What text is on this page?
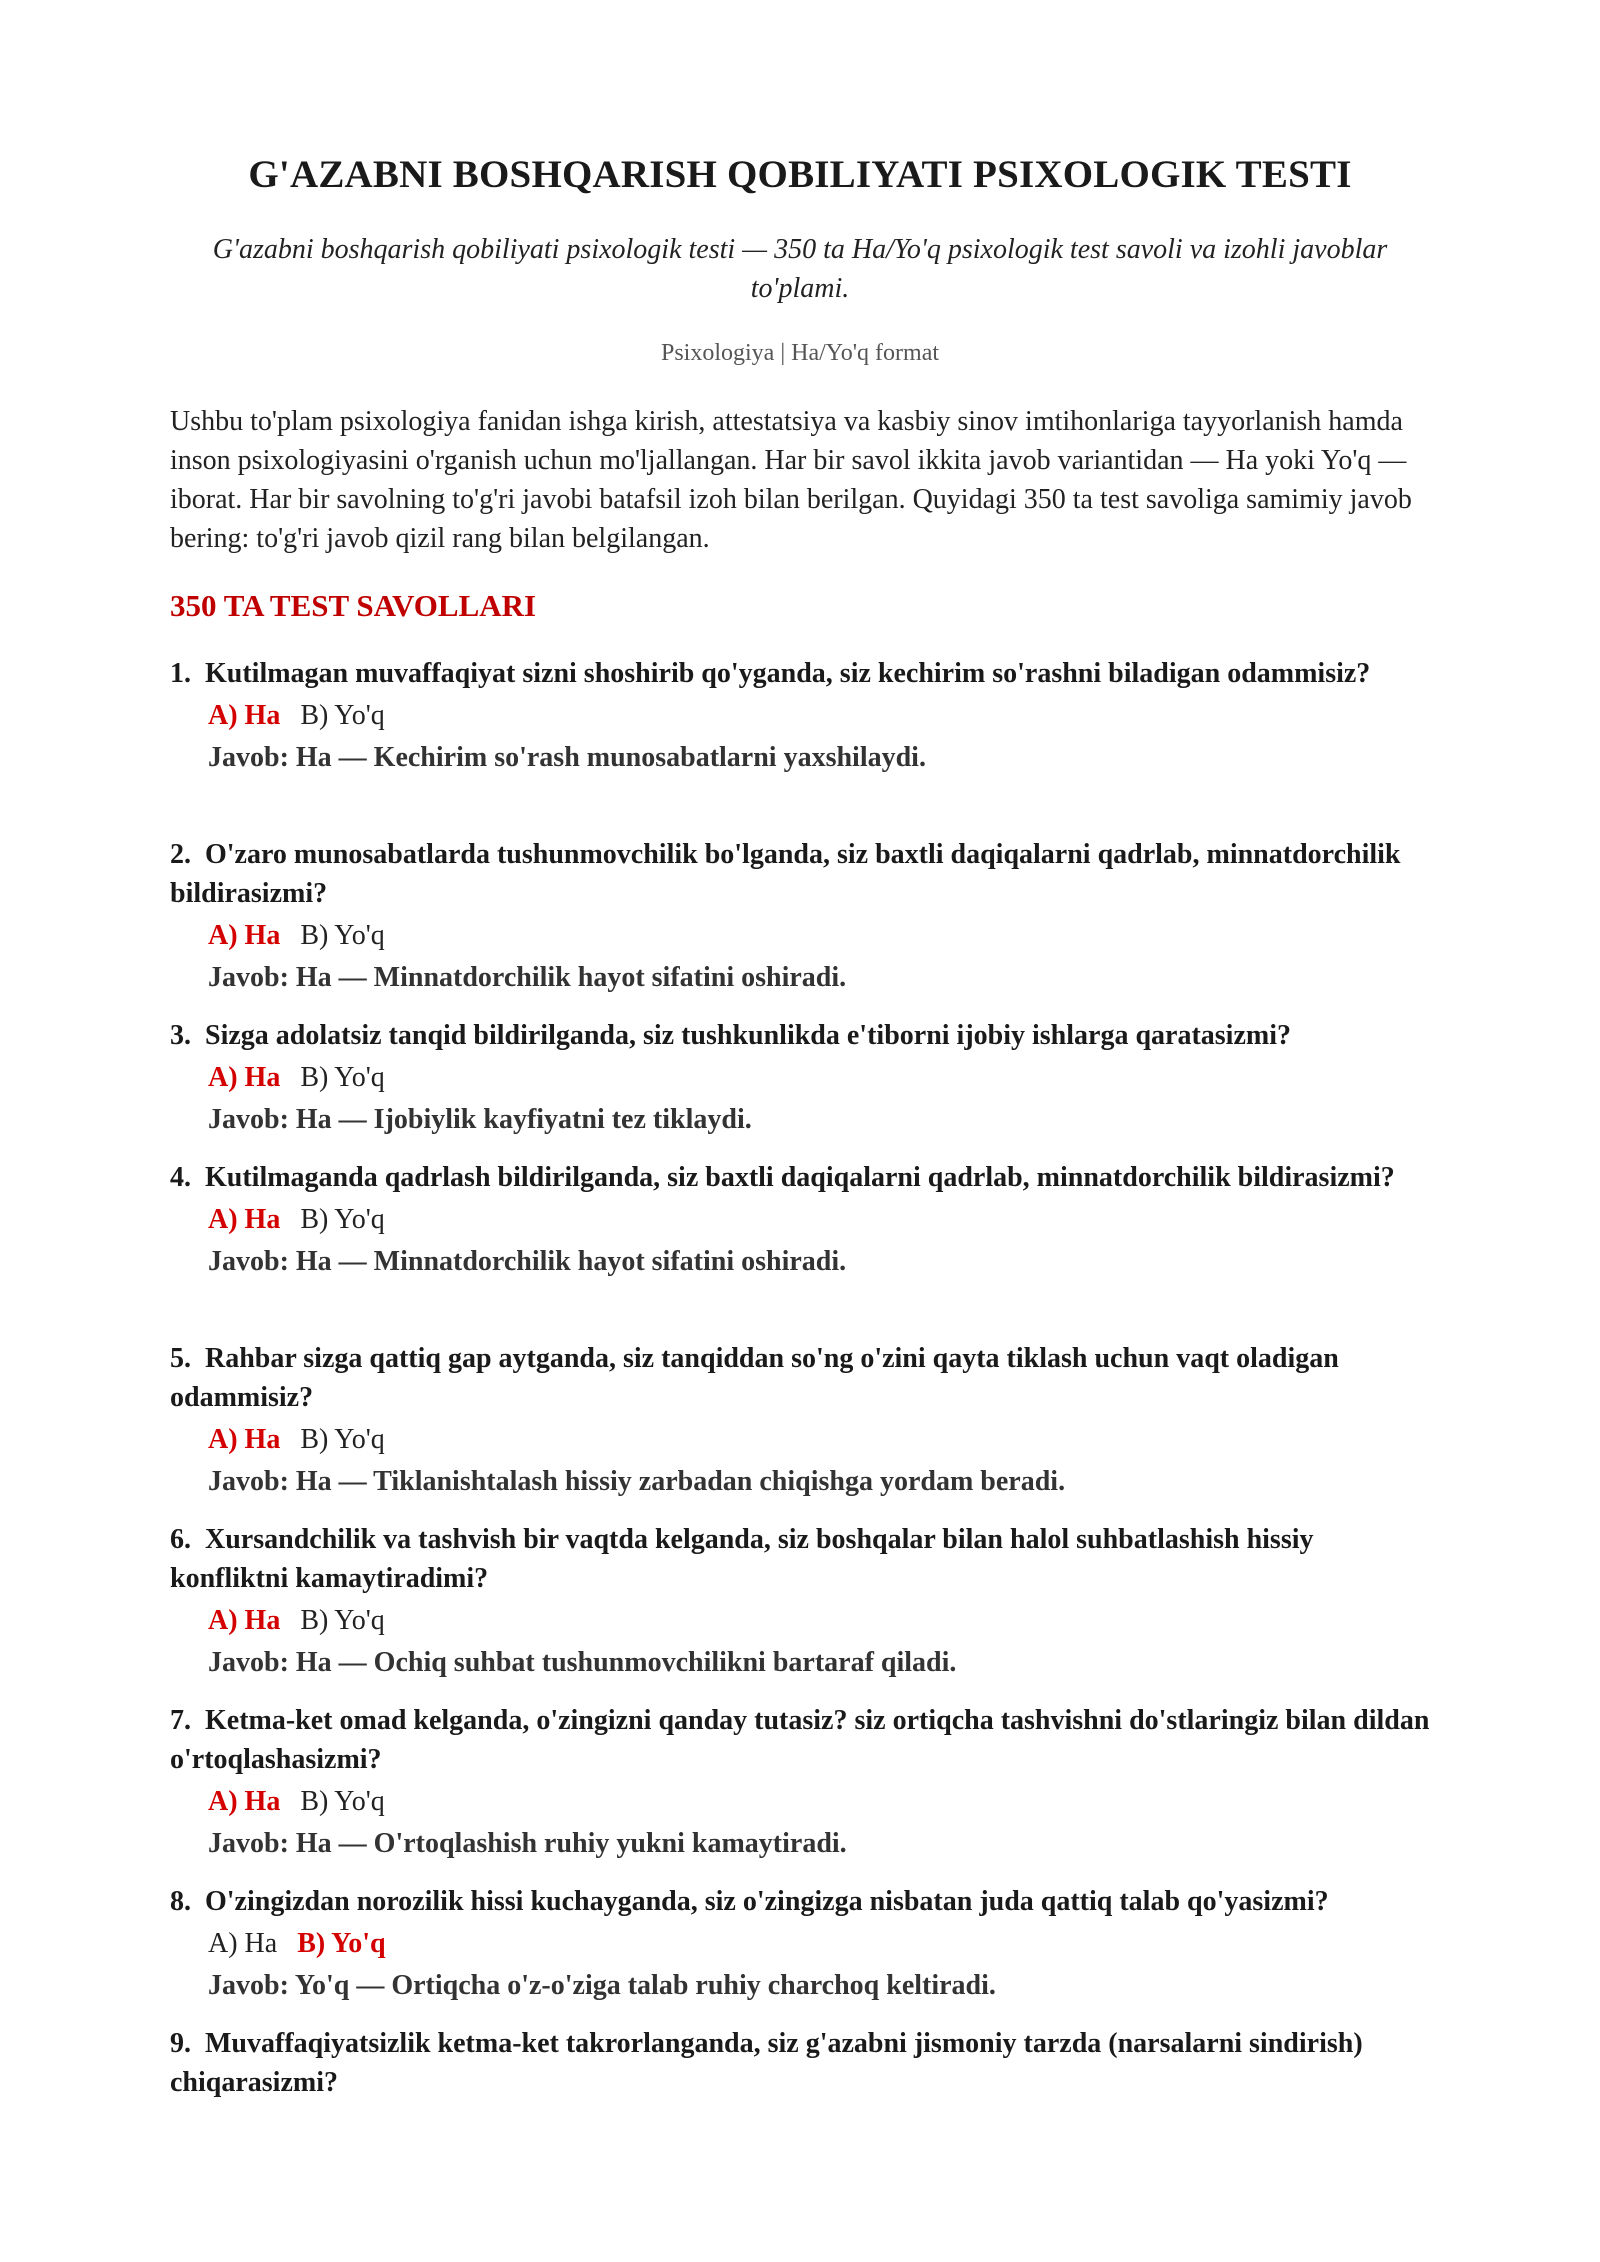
G'AZABNI BOSHQARISH QOBILIYATI PSIXOLOGIK TESTI
G'azabni boshqarish qobiliyati psixologik testi — 350 ta Ha/Yo'q psixologik test savoli va izohli javoblar to'plami.
Psixologiya | Ha/Yo'q format
Ushbu to'plam psixologiya fanidan ishga kirish, attestatsiya va kasbiy sinov imtihonlariga tayyorlanish hamda inson psixologiyasini o'rganish uchun mo'ljallangan. Har bir savol ikkita javob variantidan — Ha yoki Yo'q — iborat. Har bir savolning to'g'ri javobi batafsil izoh bilan berilgan. Quyidagi 350 ta test savoliga samimiy javob bering: to'g'ri javob qizil rang bilan belgilangan.
350 TA TEST SAVOLLARI
1. Kutilmagan muvaffaqiyat sizni shoshirib qo'yganda, siz kechirim so'rashni biladigan odammisiz?
A) Ha B) Yo'q
Javob: Ha — Kechirim so'rash munosabatlarni yaxshilaydi.
2. O'zaro munosabatlarda tushunmovchilik bo'lganda, siz baxtli daqiqalarni qadrlab, minnatdorchilik bildirasizmi?
A) Ha B) Yo'q
Javob: Ha — Minnatdorchilik hayot sifatini oshiradi.
3. Sizga adolatsiz tanqid bildirilganda, siz tushkunlikda e'tiborni ijobiy ishlarga qaratasizmi?
A) Ha B) Yo'q
Javob: Ha — Ijobiylik kayfiyatni tez tiklaydi.
4. Kutilmaganda qadrlash bildirilganda, siz baxtli daqiqalarni qadrlab, minnatdorchilik bildirasizmi?
A) Ha B) Yo'q
Javob: Ha — Minnatdorchilik hayot sifatini oshiradi.
5. Rahbar sizga qattiq gap aytganda, siz tanqiddan so'ng o'zini qayta tiklash uchun vaqt oladigan odammisiz?
A) Ha B) Yo'q
Javob: Ha — Tiklanishtalash hissiy zarbadan chiqishga yordam beradi.
6. Xursandchilik va tashvish bir vaqtda kelganda, siz boshqalar bilan halol suhbatlashish hissiy konfliktni kamaytiradimi?
A) Ha B) Yo'q
Javob: Ha — Ochiq suhbat tushunmovchilikni bartaraf qiladi.
7. Ketma-ket omad kelganda, o'zingizni qanday tutasiz? siz ortiqcha tashvishni do'stlaringiz bilan dildan o'rtoqlashasizmi?
A) Ha B) Yo'q
Javob: Ha — O'rtoqlashish ruhiy yukni kamaytiradi.
8. O'zingizdan norozilik hissi kuchayganda, siz o'zingizga nisbatan juda qattiq talab qo'yasizmi?
A) Ha B) Yo'q
Javob: Yo'q — Ortiqcha o'z-o'ziga talab ruhiy charchoq keltiradi.
9. Muvaffaqiyatsizlik ketma-ket takrorlanganda, siz g'azabni jismoniy tarzda (narsalarni sindirish) chiqarasizmi?
